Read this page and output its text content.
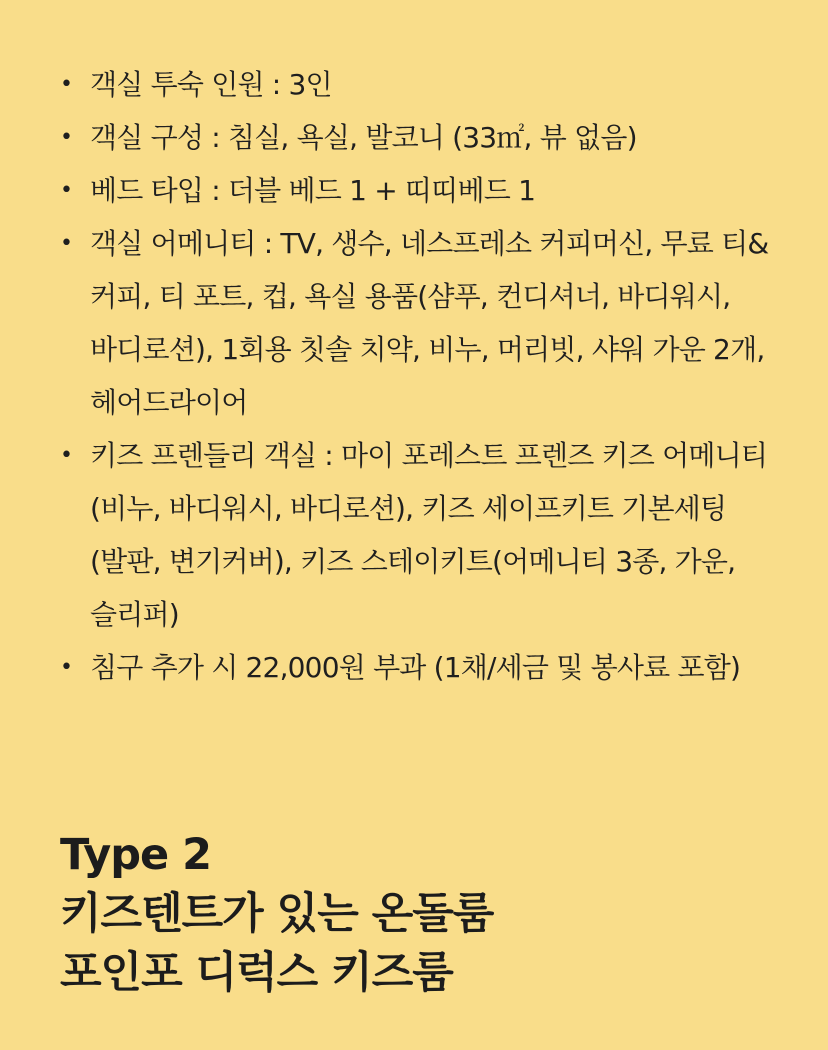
• 객실 투숙 인원 : 3인
• 객실 구성 : 침실, 욕실, 발코니 (33㎡, 뷰 없음)
• 베드 타입 : 더블 베드 1 + 띠띠베드 1
• 객실 어메니티 : TV, 생수, 네스프레소 커피머신, 무료 티&커피, 티 포트, 컵, 욕실 용품(샴푸, 컨디셔너, 바디워시, 바디로션), 1회용 칫솔 치약, 비누, 머리빗, 샤워 가운 2개, 헤어드라이어
• 키즈 프렌들리 객실 : 마이 포레스트 프렌즈 키즈 어메니티(비누, 바디워시, 바디로션), 키즈 세이프키트 기본세팅(발판, 변기커버), 키즈 스테이키트(어메니티 3종, 가운, 슬리퍼)
• 침구 추가 시 22,000원 부과 (1채/세금 및 봉사료 포함)
Type 2
키즈텐트가 있는 온돌룸
포인포 디럭스 키즈룸
